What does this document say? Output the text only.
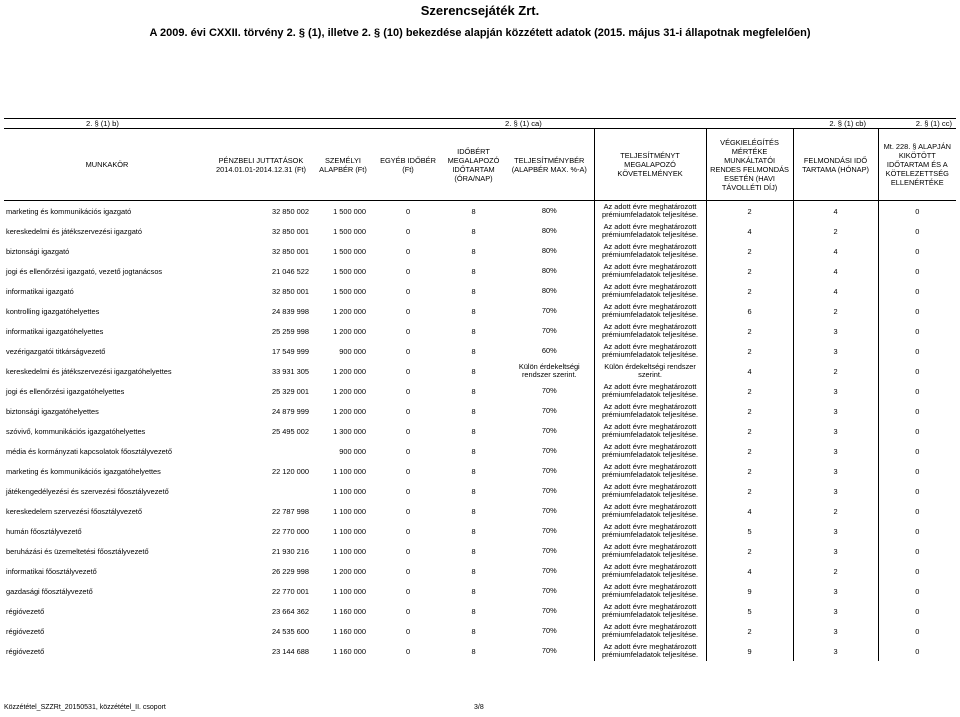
Szerencsejáték Zrt.
A 2009. évi CXXII. törvény 2. § (1), illetve 2. § (10) bekezdése alapján közzétett adatok (2015. május 31-i állapotnak megfelelően)
2. § (1) b)					2. § (1) ca)			2. § (1) cb)	2. § (1) cc)
MUNKAKÖR	PÉNZBELI JUTTATÁSOK 2014.01.01-2014.12.31 (Ft)	SZEMÉLYI ALAPBÉR (Ft)	EGYÉB IDŐBÉR (Ft)	IDŐBÉRT MEGALAPOZÓ IDŐTARTAM (ÓRA/NAP)	TELJESÍTMÉNYBÉR (ALAPBÉR MAX. %-A)	TELJESÍTMÉNYT MEGALAPOZÓ KÖVETELMÉNYEK	VÉGKIELÉGÍTÉS MÉRTÉKE MUNKÁLTATÓI RENDES FELMONDÁS ESETÉN (HAVI TÁVOLLÉTI DÍJ)	FELMONDÁSI IDŐ TARTAMA (HÓNAP)	Mt. 228. § ALAPJÁN KIKÖTÖTT IDŐTARTAM ÉS A KÖTELEZETTSÉG ELLENÉRTÉKE
marketing és kommunikációs igazgató	32 850 002	1 500 000	0	8	80%	Az adott évre meghatározott prémiumfeladatok teljesítése.	2	4	0
kereskedelmi és játékszervezési igazgató	32 850 001	1 500 000	0	8	80%	Az adott évre meghatározott prémiumfeladatok teljesítése.	4	2	0
biztonsági igazgató	32 850 001	1 500 000	0	8	80%	Az adott évre meghatározott prémiumfeladatok teljesítése.	2	4	0
jogi és ellenőrzési igazgató, vezető jogtanácsos	21 046 522	1 500 000	0	8	80%	Az adott évre meghatározott prémiumfeladatok teljesítése.	2	4	0
informatikai igazgató	32 850 001	1 500 000	0	8	80%	Az adott évre meghatározott prémiumfeladatok teljesítése.	2	4	0
kontrolling igazgatóhelyettes	24 839 998	1 200 000	0	8	70%	Az adott évre meghatározott prémiumfeladatok teljesítése.	6	2	0
informatikai igazgatóhelyettes	25 259 998	1 200 000	0	8	70%	Az adott évre meghatározott prémiumfeladatok teljesítése.	2	3	0
vezérigazgatói titkárságvezető	17 549 999	900 000	0	8	60%	Az adott évre meghatározott prémiumfeladatok teljesítése.	2	3	0
kereskedelmi és játékszervezési igazgatóhelyettes	33 931 305	1 200 000	0	8	Külön érdekeltségi rendszer szerint.	Külön érdekeltségi rendszer szerint.	4	2	0
jogi és ellenőrzési igazgatóhelyettes	25 329 001	1 200 000	0	8	70%	Az adott évre meghatározott prémiumfeladatok teljesítése.	2	3	0
biztonsági igazgatóhelyettes	24 879 999	1 200 000	0	8	70%	Az adott évre meghatározott prémiumfeladatok teljesítése.	2	3	0
szóvivő, kommunikációs igazgatóhelyettes	25 495 002	1 300 000	0	8	70%	Az adott évre meghatározott prémiumfeladatok teljesítése.	2	3	0
média és kormányzati kapcsolatok főosztályvezető		900 000	0	8	70%	Az adott évre meghatározott prémiumfeladatok teljesítése.	2	3	0
marketing és kommunikációs igazgatóhelyettes	22 120 000	1 100 000	0	8	70%	Az adott évre meghatározott prémiumfeladatok teljesítése.	2	3	0
játékengedélyezési és szervezési főosztályvezető		1 100 000	0	8	70%	Az adott évre meghatározott prémiumfeladatok teljesítése.	2	3	0
kereskedelem szervezési főosztályvezető	22 787 998	1 100 000	0	8	70%	Az adott évre meghatározott prémiumfeladatok teljesítése.	4	2	0
humán főosztályvezető	22 770 000	1 100 000	0	8	70%	Az adott évre meghatározott prémiumfeladatok teljesítése.	5	3	0
beruházási és üzemeltetési főosztályvezető	21 930 216	1 100 000	0	8	70%	Az adott évre meghatározott prémiumfeladatok teljesítése.	2	3	0
informatikai főosztályvezető	26 229 998	1 200 000	0	8	70%	Az adott évre meghatározott prémiumfeladatok teljesítése.	4	2	0
gazdasági főosztályvezető	22 770 001	1 100 000	0	8	70%	Az adott évre meghatározott prémiumfeladatok teljesítése.	9	3	0
régióvezető	23 664 362	1 160 000	0	8	70%	Az adott évre meghatározott prémiumfeladatok teljesítése.	5	3	0
régióvezető	24 535 600	1 160 000	0	8	70%	Az adott évre meghatározott prémiumfeladatok teljesítése.	2	3	0
régióvezető	23 144 688	1 160 000	0	8	70%	Az adott évre meghatározott prémiumfeladatok teljesítése.	9	3	0
Közzététel_SZZRt_20150531, közzététel_II. csoport	3/8
